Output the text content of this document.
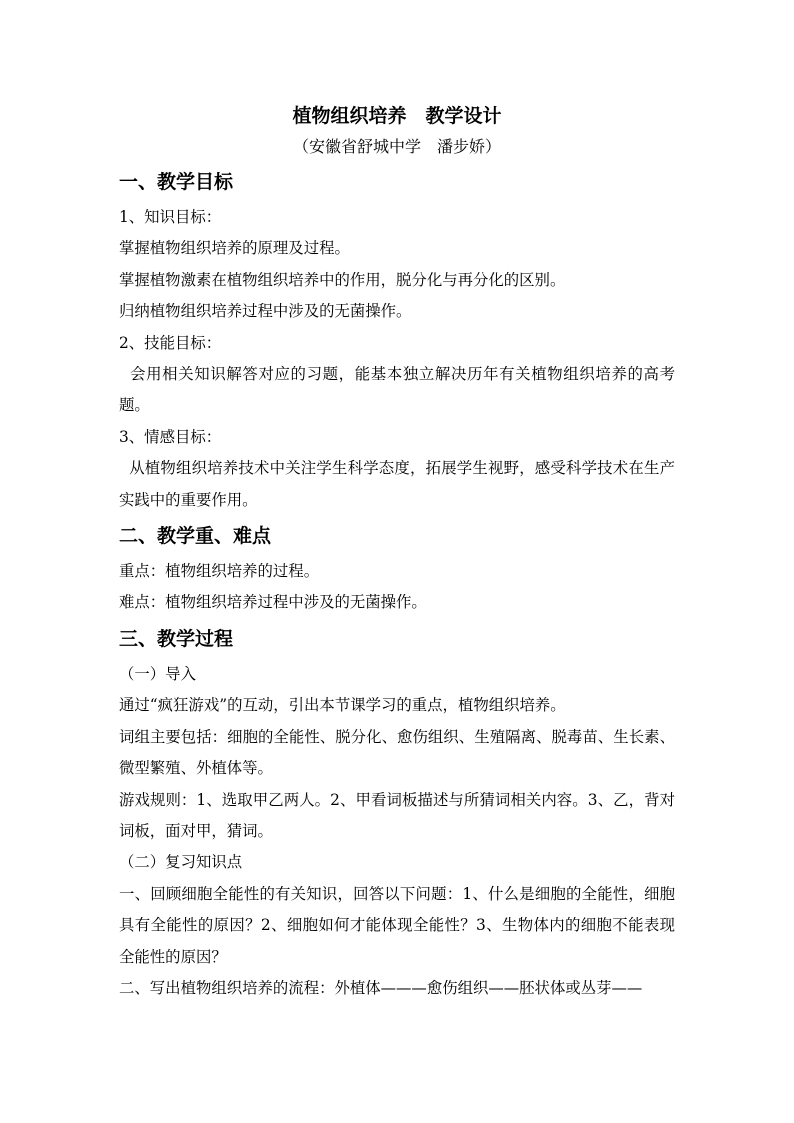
植物组织培养　教学设计
（安徽省舒城中学　潘步娇）
一、教学目标
1、知识目标：
掌握植物组织培养的原理及过程。
掌握植物激素在植物组织培养中的作用，脱分化与再分化的区别。
归纳植物组织培养过程中涉及的无菌操作。
2、技能目标：
会用相关知识解答对应的习题，能基本独立解决历年有关植物组织培养的高考题。
3、情感目标：
从植物组织培养技术中关注学生科学态度，拓展学生视野，感受科学技术在生产实践中的重要作用。
二、教学重、难点
重点：植物组织培养的过程。
难点：植物组织培养过程中涉及的无菌操作。
三、教学过程
（一）导入
通过“疯狂游戏”的互动，引出本节课学习的重点，植物组织培养。
词组主要包括：细胞的全能性、脱分化、愈伤组织、生殖隔离、脱毒苗、生长素、微型繁殖、外植体等。
游戏规则：1、选取甲乙两人。2、甲看词板描述与所猜词相关内容。3、乙，背对词板，面对甲，猜词。
（二）复习知识点
一、回顾细胞全能性的有关知识，回答以下问题：1、什么是细胞的全能性，细胞具有全能性的原因？2、细胞如何才能体现全能性？3、生物体内的细胞不能表现全能性的原因？
二、写出植物组织培养的流程：外植体———愈伤组织——胚状体或丛芽——
